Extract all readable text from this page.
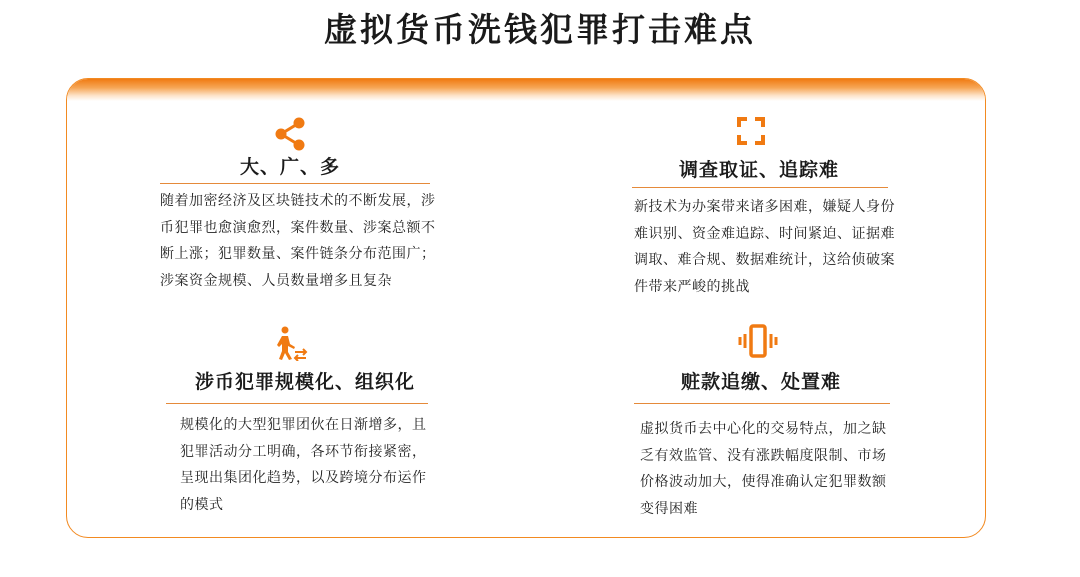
虚拟货币洗钱犯罪打击难点
大、广、多
随着加密经济及区块链技术的不断发展，涉币犯罪也愈演愈烈，案件数量、涉案总额不断上涨；犯罪数量、案件链条分布范围广；涉案资金规模、人员数量增多且复杂
调查取证、追踪难
新技术为办案带来诸多困难，嫌疑人身份难识别、资金难追踪、时间紧迫、证据难调取、难合规、数据难统计，这给侦破案件带来严峻的挑战
涉币犯罪规模化、组织化
规模化的大型犯罪团伙在日渐增多，且犯罪活动分工明确，各环节衔接紧密，呈现出集团化趋势，以及跨境分布运作的模式
赃款追缴、处置难
虚拟货币去中心化的交易特点，加之缺乏有效监管、没有涨跌幅度限制、市场价格波动加大，使得准确认定犯罪数额变得困难
